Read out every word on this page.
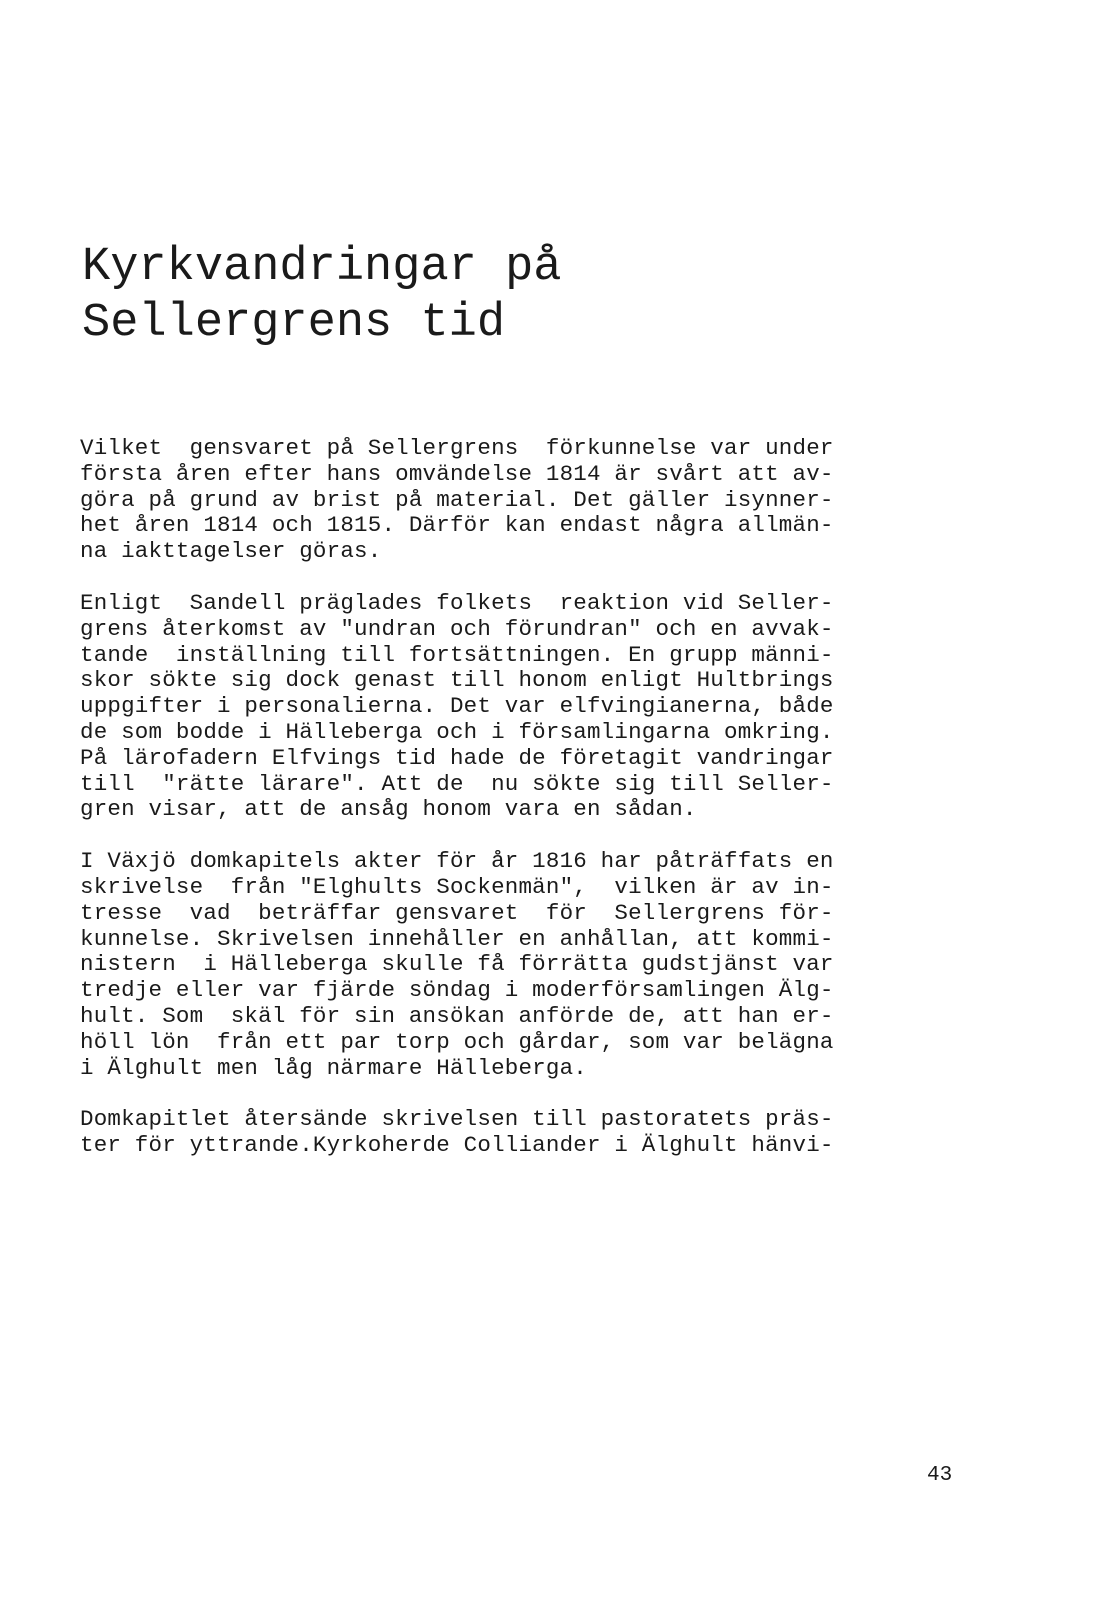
Kyrkvandringar på
Sellergrens tid

Vilket  gensvaret på Sellergrens  förkunnelse var under
första åren efter hans omvändelse 1814 är svårt att av-
göra på grund av brist på material. Det gäller isynner-
het åren 1814 och 1815. Därför kan endast några allmän-
na iakttagelser göras.

Enligt  Sandell präglades folkets  reaktion vid Seller-
grens återkomst av "undran och förundran" och en avvak-
tande  inställning till fortsättningen. En grupp männi-
skor sökte sig dock genast till honom enligt Hultbrings
uppgifter i personalierna. Det var elfvingianerna, både
de som bodde i Hälleberga och i församlingarna omkring.
På lärofadern Elfvings tid hade de företagit vandringar
till  "rätte lärare". Att de  nu sökte sig till Seller-
gren visar, att de ansåg honom vara en sådan.

I Växjö domkapitels akter för år 1816 har påträffats en
skrivelse  från "Elghults Sockenmän",  vilken är av in-
tresse  vad  beträffar gensvaret  för  Sellergrens för-
kunnelse. Skrivelsen innehåller en anhållan, att kommi-
nistern  i Hälleberga skulle få förrätta gudstjänst var
tredje eller var fjärde söndag i moderförsamlingen Älg-
hult. Som  skäl för sin ansökan anförde de, att han er-
höll lön  från ett par torp och gårdar, som var belägna
i Älghult men låg närmare Hälleberga.

Domkapitlet återsände skrivelsen till pastoratets präs-
ter för yttrande.Kyrkoherde Colliander i Älghult hänvi-

43
